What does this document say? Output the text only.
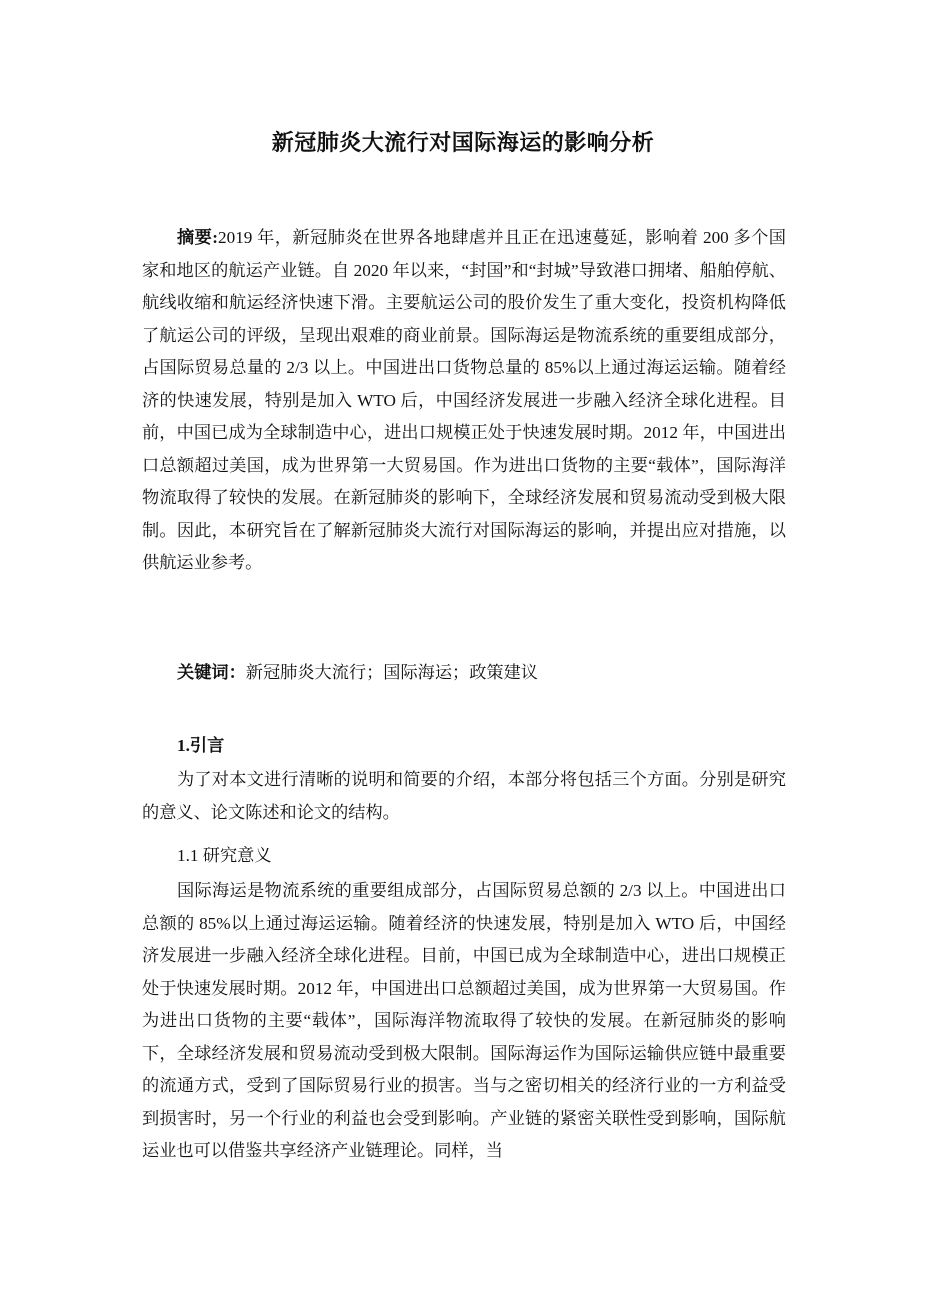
新冠肺炎大流行对国际海运的影响分析
摘要:2019 年，新冠肺炎在世界各地肆虐并且正在迅速蔓延，影响着 200 多个国家和地区的航运产业链。自 2020 年以来，“封国”和“封城”导致港口拥堵、船舶停航、航线收缩和航运经济快速下滑。主要航运公司的股价发生了重大变化，投资机构降低了航运公司的评级，呈现出艰难的商业前景。国际海运是物流系统的重要组成部分，占国际贸易总量的 2/3 以上。中国进出口货物总量的 85%以上通过海运运输。随着经济的快速发展，特别是加入 WTO 后，中国经济发展进一步融入经济全球化进程。目前，中国已成为全球制造中心，进出口规模正处于快速发展时期。2012 年，中国进出口总额超过美国，成为世界第一大贸易国。作为进出口货物的主要“载体”，国际海洋物流取得了较快的发展。在新冠肺炎的影响下，全球经济发展和贸易流动受到极大限制。因此，本研究旨在了解新冠肺炎大流行对国际海运的影响，并提出应对措施，以供航运业参考。
关键词：新冠肺炎大流行；国际海运；政策建议
1.引言
为了对本文进行清晰的说明和简要的介绍，本部分将包括三个方面。分别是研究的意义、论文陈述和论文的结构。
1.1 研究意义
国际海运是物流系统的重要组成部分，占国际贸易总额的 2/3 以上。中国进出口总额的 85%以上通过海运运输。随着经济的快速发展，特别是加入 WTO 后，中国经济发展进一步融入经济全球化进程。目前，中国已成为全球制造中心，进出口规模正处于快速发展时期。2012 年，中国进出口总额超过美国，成为世界第一大贸易国。作为进出口货物的主要“载体”，国际海洋物流取得了较快的发展。在新冠肺炎的影响下，全球经济发展和贸易流动受到极大限制。国际海运作为国际运输供应链中最重要的流通方式，受到了国际贸易行业的损害。当与之密切相关的经济行业的一方利益受到损害时，另一个行业的利益也会受到影响。产业链的紧密关联性受到影响，国际航运业也可以借鉴共享经济产业链理论。同样，当
